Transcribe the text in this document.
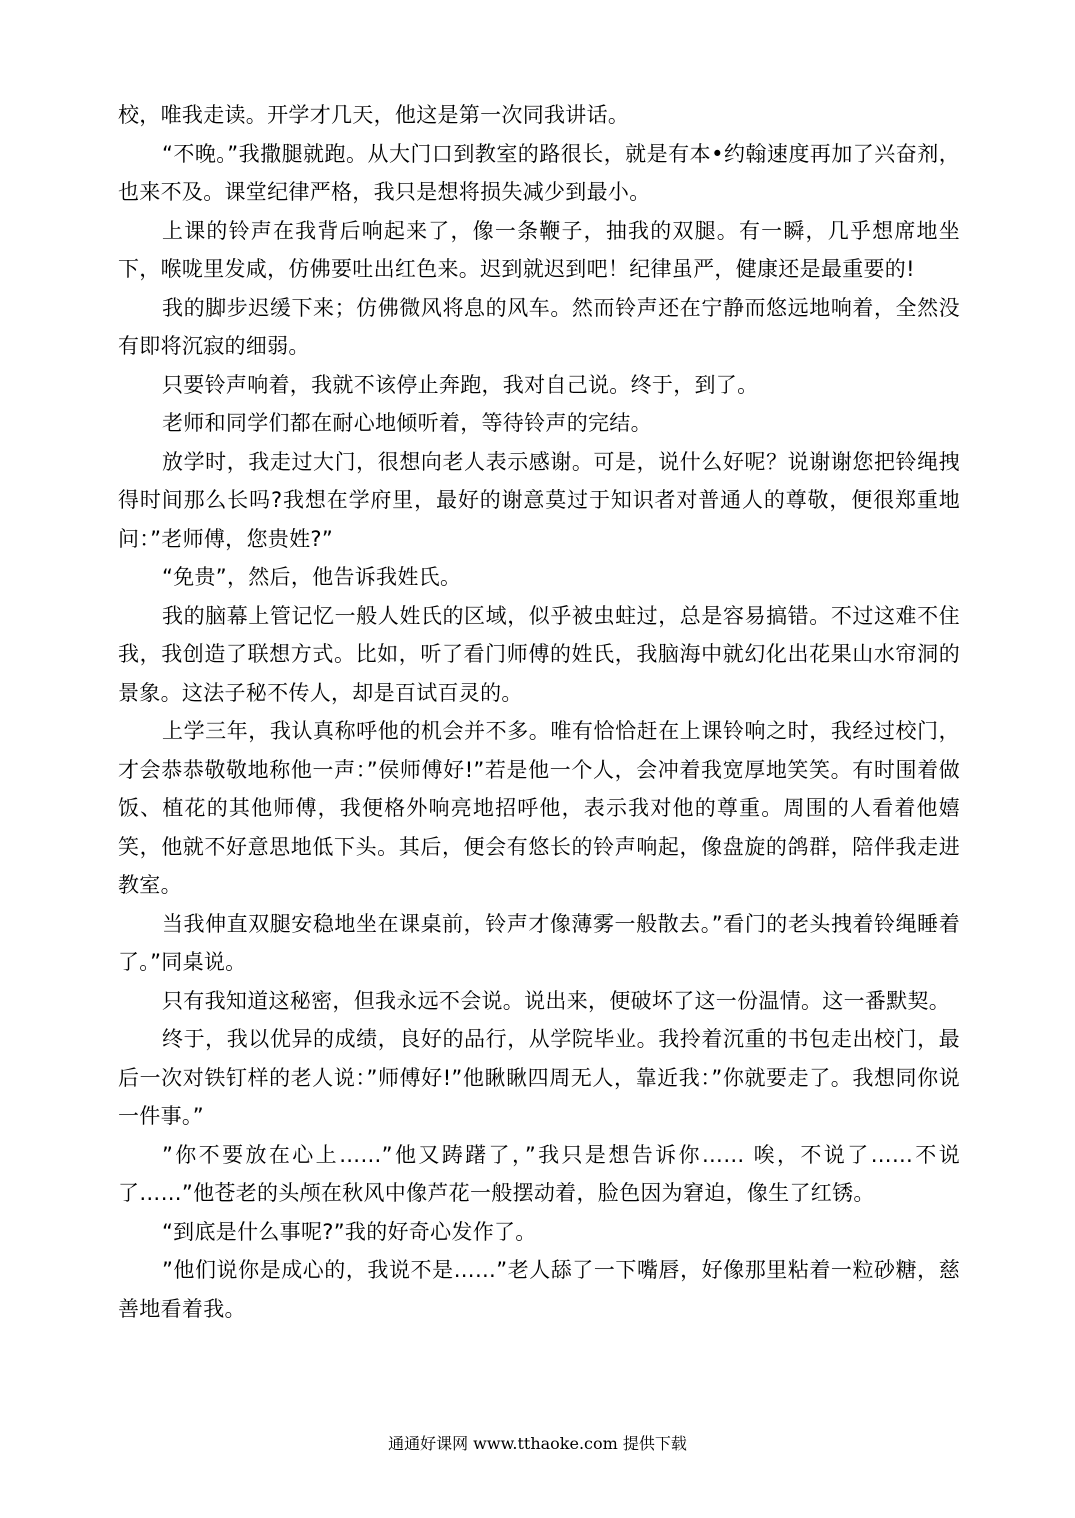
校，唯我走读。开学才几天，他这是第一次同我讲话。

“不晚。”我撒腿就跑。从大门口到教室的路很长，就是有本•约翰速度再加了兴奋剂，也来不及。课堂纪律严格，我只是想将损失减少到最小。

上课的铃声在我背后响起来了，像一条鞭子，抽我的双腿。有一瞬，几乎想席地坐下，喉咙里发咸，仿佛要吐出红色来。迟到就迟到吧！纪律虽严，健康还是最重要的!

我的脚步迟缓下来；仿佛微风将息的风车。然而铃声还在宁静而悠远地响着，全然没有即将沉寂的细弱。

只要铃声响着，我就不该停止奔跑，我对自己说。终于，到了。

老师和同学们都在耐心地倾听着，等待铃声的完结。

放学时，我走过大门，很想向老人表示感谢。可是，说什么好呢？说谢谢您把铃绳拽得时间那么长吗?我想在学府里，最好的谢意莫过于知识者对普通人的尊敬，便很郑重地问：”老师傅，您贵姓?”

“免贵”，然后，他告诉我姓氏。

我的脑幕上管记忆一般人姓氏的区域，似乎被虫蛀过，总是容易搞错。不过这难不住我，我创造了联想方式。比如，听了看门师傅的姓氏，我脑海中就幻化出花果山水帘洞的景象。这法子秘不传人，却是百试百灵的。

上学三年，我认真称呼他的机会并不多。唯有恰恰赶在上课铃响之时，我经过校门，才会恭恭敬敬地称他一声：”侯师傅好!”若是他一个人，会冲着我宽厚地笑笑。有时围着做饭、植花的其他师傅，我便格外响亮地招呼他，表示我对他的尊重。周围的人看着他嬉笑，他就不好意思地低下头。其后，便会有悠长的铃声响起，像盘旋的鸽群，陪伴我走进教室。

当我伸直双腿安稳地坐在课桌前，铃声才像薄雾一般散去。”看门的老头拽着铃绳睡着了。”同桌说。

只有我知道这秘密，但我永远不会说。说出来，便破坏了这一份温情。这一番默契。

终于，我以优异的成绩，良好的品行，从学院毕业。我拎着沉重的书包走出校门，最后一次对铁钉样的老人说：”师傅好!”他瞅瞅四周无人，靠近我：”你就要走了。我想同你说一件事。”

”你不要放在心上……”他又踌躇了，”我只是想告诉你…… 唉，不说了……不说了……”他苍老的头颅在秋风中像芦花一般摆动着，脸色因为窘迫，像生了红锈。

“到底是什么事呢?”我的好奇心发作了。

”他们说你是成心的，我说不是……”老人舔了一下嘴唇，好像那里粘着一粒砂糖，慈善地看着我。

通通好课网 www.tthaoke.com 提供下载
